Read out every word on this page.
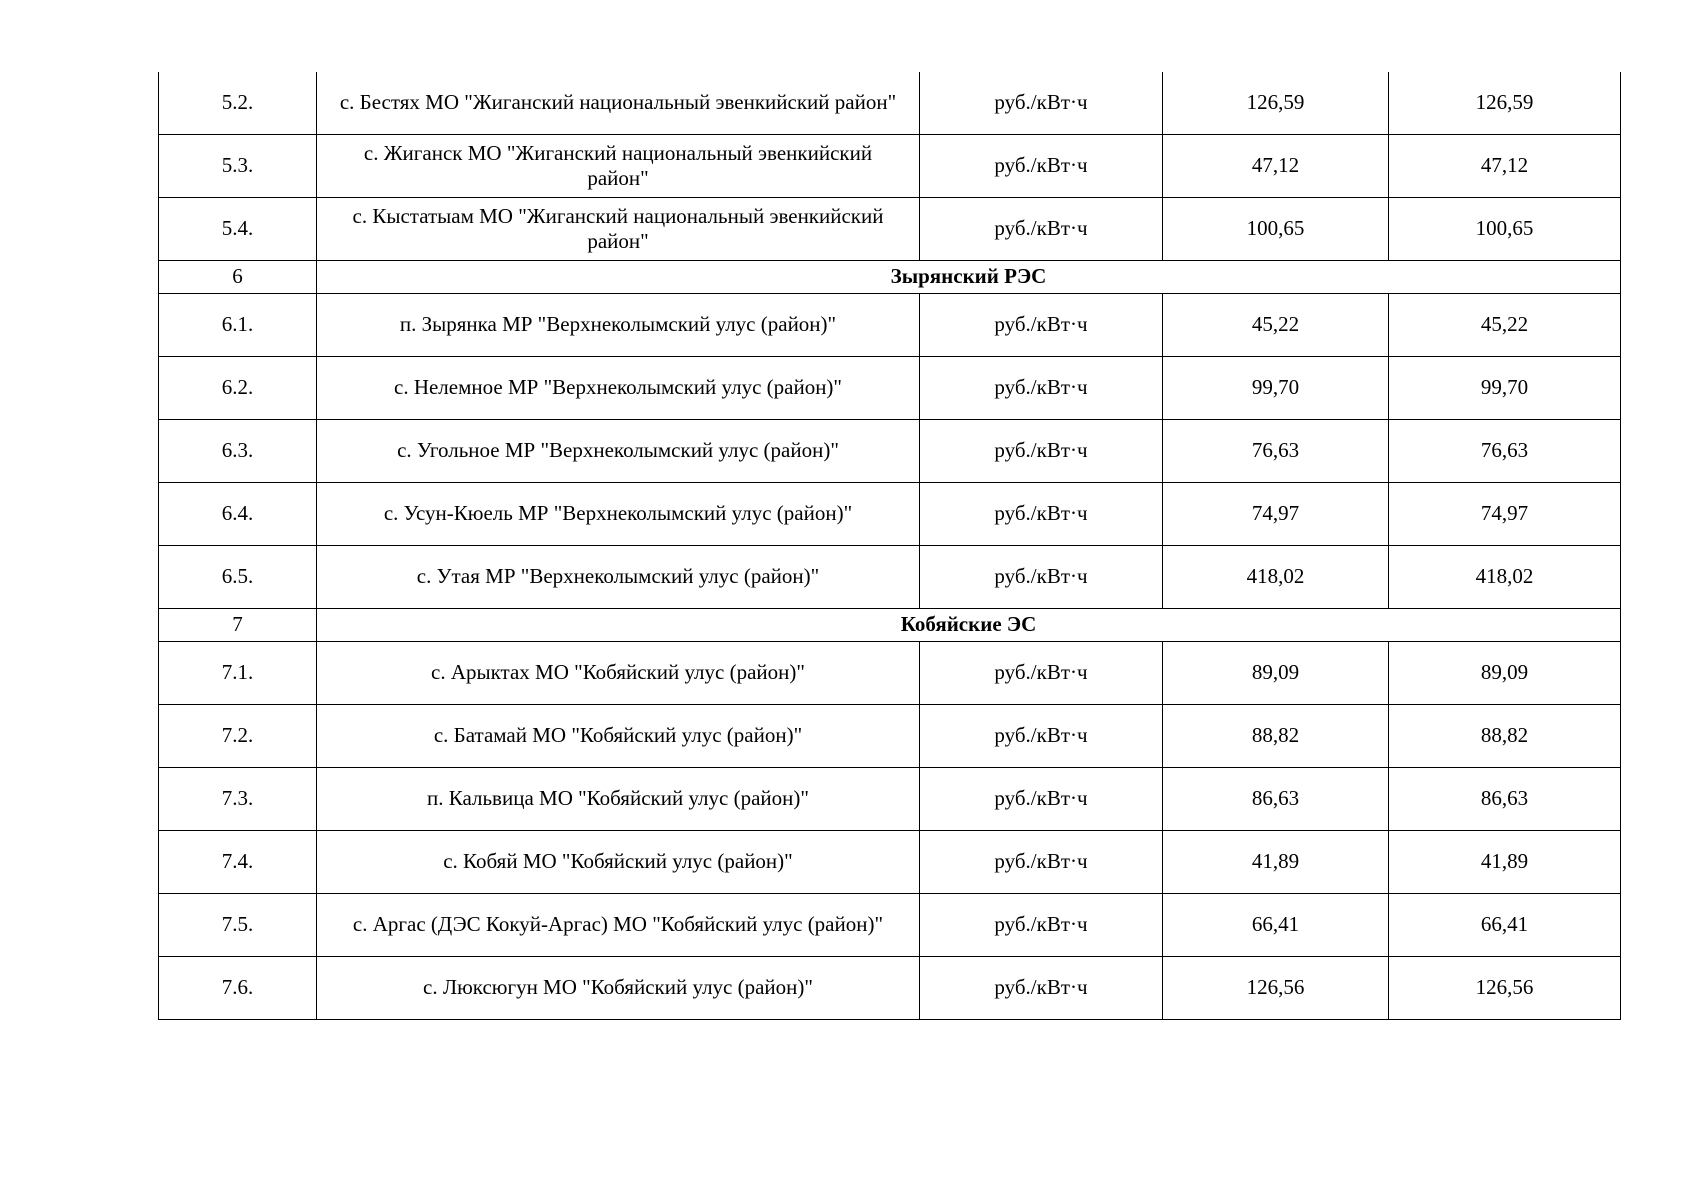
5.2.	с. Бестях МО "Жиганский национальный эвенкийский район"	руб./кВт·ч	126,59	126,59
5.3.	с. Жиганск МО "Жиганский национальный эвенкийский район"	руб./кВт·ч	47,12	47,12
5.4.	с. Кыстатыам МО "Жиганский национальный эвенкийский район"	руб./кВт·ч	100,65	100,65
6	Зырянский РЭС			
6.1.	п. Зырянка МР "Верхнеколымский улус (район)"	руб./кВт·ч	45,22	45,22
6.2.	с. Нелемное МР "Верхнеколымский улус (район)"	руб./кВт·ч	99,70	99,70
6.3.	с. Угольное МР "Верхнеколымский улус (район)"	руб./кВт·ч	76,63	76,63
6.4.	с. Усун-Кюель МР "Верхнеколымский улус (район)"	руб./кВт·ч	74,97	74,97
6.5.	с. Утая МР "Верхнеколымский улус (район)"	руб./кВт·ч	418,02	418,02
7	Кобяйские ЭС			
7.1.	с. Арыктах МО "Кобяйский улус (район)"	руб./кВт·ч	89,09	89,09
7.2.	с. Батамай МО "Кобяйский улус (район)"	руб./кВт·ч	88,82	88,82
7.3.	п. Кальвица МО "Кобяйский улус (район)"	руб./кВт·ч	86,63	86,63
7.4.	с. Кобяй МО "Кобяйский улус (район)"	руб./кВт·ч	41,89	41,89
7.5.	с. Аргас (ДЭС Кокуй-Аргас) МО "Кобяйский улус (район)"	руб./кВт·ч	66,41	66,41
7.6.	с. Люксюгун МО "Кобяйский улус (район)"	руб./кВт·ч	126,56	126,56
